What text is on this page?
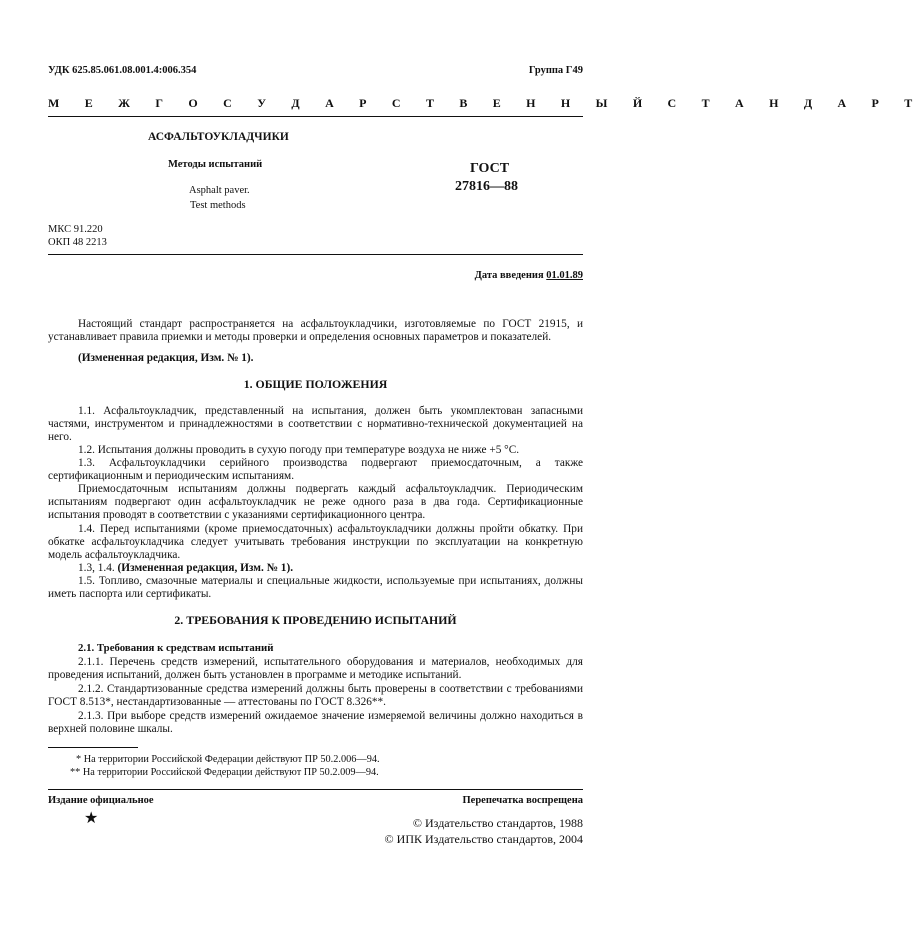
УДК 625.85.061.08.001.4:006.354	Группа Г49
М Е Ж Г О С У Д А Р С Т В Е Н Н Ы Й С Т А Н Д А Р Т
АСФАЛЬТОУКЛАДЧИКИ
Методы испытаний
Asphalt paver.
Test methods
ГОСТ
27816—88
МКС 91.220
ОКП 48 2213
Дата введения 01.01.89
Настоящий стандарт распространяется на асфальтоукладчики, изготовляемые по ГОСТ 21915, и устанавливает правила приемки и методы проверки и определения основных параметров и показателей.
(Измененная редакция, Изм. № 1).
1. ОБЩИЕ ПОЛОЖЕНИЯ
1.1. Асфальтоукладчик, представленный на испытания, должен быть укомплектован запасными частями, инструментом и принадлежностями в соответствии с нормативно-технической документацией на него.
1.2. Испытания должны проводить в сухую погоду при температуре воздуха не ниже +5 °С.
1.3. Асфальтоукладчики серийного производства подвергают приемосдаточным, а также сертификационным и периодическим испытаниям.
Приемосдаточным испытаниям должны подвергать каждый асфальтоукладчик. Периодическим испытаниям подвергают один асфальтоукладчик не реже одного раза в два года. Сертификационные испытания проводят в соответствии с указаниями сертификационного центра.
1.4. Перед испытаниями (кроме приемосдаточных) асфальтоукладчики должны пройти обкатку. При обкатке асфальтоукладчика следует учитывать требования инструкции по эксплуатации на конкретную модель асфальтоукладчика.
1.3, 1.4. (Измененная редакция, Изм. № 1).
1.5. Топливо, смазочные материалы и специальные жидкости, используемые при испытаниях, должны иметь паспорта или сертификаты.
2. ТРЕБОВАНИЯ К ПРОВЕДЕНИЮ ИСПЫТАНИЙ
2.1. Требования к средствам испытаний
2.1.1. Перечень средств измерений, испытательного оборудования и материалов, необходимых для проведения испытаний, должен быть установлен в программе и методике испытаний.
2.1.2. Стандартизованные средства измерений должны быть проверены в соответствии с требованиями ГОСТ 8.513*, нестандартизованные — аттестованы по ГОСТ 8.326**.
2.1.3. При выборе средств измерений ожидаемое значение измеряемой величины должно находиться в верхней половине шкалы.
* На территории Российской Федерации действуют ПР 50.2.006—94.
** На территории Российской Федерации действуют ПР 50.2.009—94.
Издание официальное	Перепечатка воспрещена
★	© Издательство стандартов, 1988
© ИПК Издательство стандартов, 2004
